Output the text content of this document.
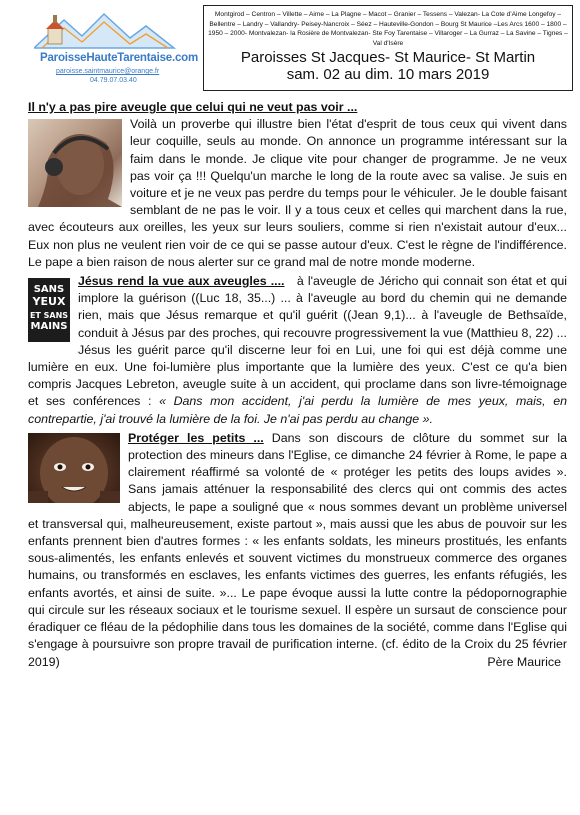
ParoisseHauteTarentaise.com
paroisse.saintmaurice@orange.fr
04.79.07.03.40
Montgirod – Centron – Villette – Aime – La Plagne – Macot – Granier – Tessens – Valezan- La Cote d'Aime Longefoy – Bellentre – Landry – Vallandry- Peisey-Nancroix – Séez – Hauteville-Gondon – Bourg St Maurice –Les Arcs 1600 – 1800 – 1950 – 2000- Montvalezan- la Rosière de Montvalezan- Ste Foy Tarentaise – Villaroger – La Gurraz – La Savine – Tignes – Val d'Isère
Paroisses St Jacques- St Maurice- St Martin
sam. 02 au dim. 10 mars 2019
Il n'y a pas pire aveugle que celui qui ne veut pas voir ...

Voilà un proverbe qui illustre bien l'état d'esprit de tous ceux qui vivent dans leur coquille, seuls au monde. On annonce un programme intéressant sur la faim dans le monde. Je clique vite pour changer de programme. Je ne veux pas voir ça !!! Quelqu'un marche le long de la route avec sa valise. Je suis en voiture et je ne veux pas perdre du temps pour le véhiculer. Je le double faisant semblant de ne pas le voir. Il y a tous ceux et celles qui marchent dans la rue, avec écouteurs aux oreilles, les yeux sur leurs souliers, comme si rien n'existait autour d'eux... Eux non plus ne veulent rien voir de ce qui se passe autour d'eux. C'est le règne de l'indifférence. Le pape a bien raison de nous alerter sur ce grand mal de notre monde moderne.

SANS
YEUX
ET SANS
MAINS

Jésus rend la vue aux aveugles .... à l'aveugle de Jéricho qui connait son état et qui implore la guérison ((Luc 18, 35...) ... à l'aveugle au bord du chemin qui ne demande rien, mais que Jésus remarque et qu'il guérit ((Jean 9,1)... à l'aveugle de Bethsaïde, conduit à Jésus par des proches, qui recouvre progressivement la vue (Matthieu 8, 22) ... Jésus les guérit parce qu'il discerne leur foi en Lui, une foi qui est déjà comme une lumière en eux. Une foi-lumière plus importante que la lumière des yeux. C'est ce qu'a bien compris Jacques Lebreton, aveugle suite à un accident, qui proclame dans son livre-témoignage et ses conférences : « Dans mon accident, j'ai perdu la lumière de mes yeux, mais, en contrepartie, j'ai trouvé la lumière de la foi. Je n'ai pas perdu au change ».

Protéger les petits ... Dans son discours de clôture du sommet sur la protection des mineurs dans l'Eglise, ce dimanche 24 février à Rome, le pape a clairement réaffirmé sa volonté de « protéger les petits des loups avides ». Sans jamais atténuer la responsabilité des clercs qui ont commis des actes abjects, le pape a souligné que « nous sommes devant un problème universel et transversal qui, malheureusement, existe partout », mais aussi que les abus de pouvoir sur les enfants prennent bien d'autres formes : « les enfants soldats, les mineurs prostitués, les enfants sous-alimentés, les enfants enlevés et souvent victimes du monstrueux commerce des organes humains, ou transformés en esclaves, les enfants victimes des guerres, les enfants réfugiés, les enfants avortés, et ainsi de suite. »... Le pape évoque aussi la lutte contre la pédopornographie qui circule sur les réseaux sociaux et le tourisme sexuel. Il espère un sursaut de conscience pour éradiquer ce fléau de la pédophilie dans tous les domaines de la société, comme dans l'Eglise qui s'engage à poursuivre son propre travail de purification interne. (cf. édito de la Croix du 25 février 2019)	Père Maurice
